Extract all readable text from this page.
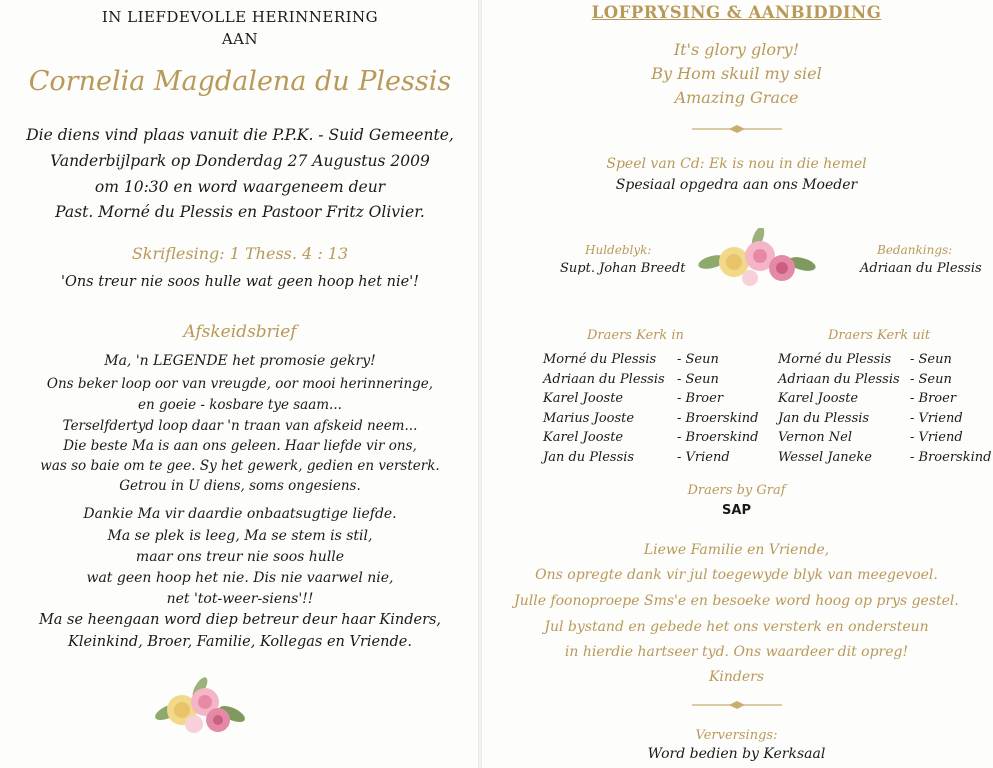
IN LIEFDEVOLLE HERINNERING
AAN
Cornelia Magdalena du Plessis
Die diens vind plaas vanuit die P.P.K. - Suid Gemeente,
Vanderbijlpark op Donderdag 27 Augustus 2009
om 10:30 en word waargeneem deur
Past. Morné du Plessis en Pastoor Fritz Olivier.
Skriflesing: 1 Thess. 4 : 13
'Ons treur nie soos hulle wat geen hoop het nie'!
Afskeidsbrief
Ma, 'n LEGENDE het promosie gekry!
Ons beker loop oor van vreugde, oor mooi herinneringe,
en goeie - kosbare tye saam...
Terselfdertyd loop daar 'n traan van afskeid neem...
Die beste Ma is aan ons geleen. Haar liefde vir ons,
was so baie om te gee. Sy het gewerk, gedien en versterk.
Getrou in U diens, soms ongesiens.
Dankie Ma vir daardie onbaatsugtige liefde.
Ma se plek is leeg, Ma se stem is stil,
maar ons treur nie soos hulle
wat geen hoop het nie. Dis nie vaarwel nie,
net 'tot-weer-siens'!!
Ma se heengaan word diep betreur deur haar Kinders,
Kleinkind, Broer, Familie, Kollegas en Vriende.
LOFPRYSING & AANBIDDING
It's glory glory!
By Hom skuil my siel
Amazing Grace
Speel van Cd: Ek is nou in die hemel
Spesiaal opgedra aan ons Moeder
Huldeblyk:
Supt. Johan Breedt
Bedankings:
Adriaan du Plessis
Draers Kerk in	Draers Kerk uit
Morné du Plessis
Adriaan du Plessis
Karel Jooste
Marius Jooste
Karel Jooste
Jan du Plessis
- Seun
- Seun
- Broer
- Broerskind
- Broerskind
- Vriend
Morné du Plessis
Adriaan du Plessis
Karel Jooste
Jan du Plessis
Vernon Nel
Wessel Janeke
- Seun
- Seun
- Broer
- Vriend
- Vriend
- Broerskind
Draers by Graf
SAP
Liewe Familie en Vriende,
Ons opregte dank vir jul toegewyde blyk van meegevoel.
Julle foonoproepe Sms'e en besoeke word hoog op prys gestel.
Jul bystand en gebede het ons versterk en ondersteun
in hierdie hartseer tyd. Ons waardeer dit opreg!
Kinders
Verversings:
Word bedien by Kerksaal
